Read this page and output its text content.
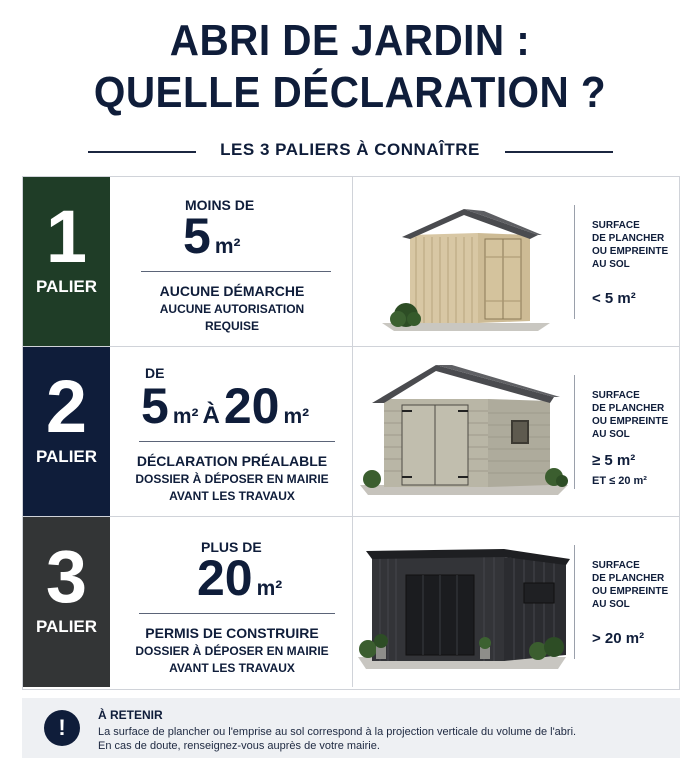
ABRI DE JARDIN :
QUELLE DÉCLARATION ?
LES 3 PALIERS À CONNAÎTRE
1
PALIER
MOINS DE
5 m²
AUCUNE DÉMARCHE
AUCUNE AUTORISATION
REQUISE
SURFACE
DE PLANCHER
OU EMPREINTE
AU SOL
< 5 m²
2
PALIER
DE
5 m² À20 m²
DÉCLARATION PRÉALABLE
DOSSIER À DÉPOSER EN MAIRIE
AVANT LES TRAVAUX
SURFACE
DE PLANCHER
OU EMPREINTE
AU SOL
≥ 5 m²
ET ≤ 20 m²
3
PALIER
PLUS DE
20 m²
PERMIS DE CONSTRUIRE
DOSSIER À DÉPOSER EN MAIRIE
AVANT LES TRAVAUX
SURFACE
DE PLANCHER
OU EMPREINTE
AU SOL
> 20 m²
!	À RETENIR
La surface de plancher ou l'emprise au sol correspond à la projection verticale du volume de l'abri.
En cas de doute, renseignez-vous auprès de votre mairie.
